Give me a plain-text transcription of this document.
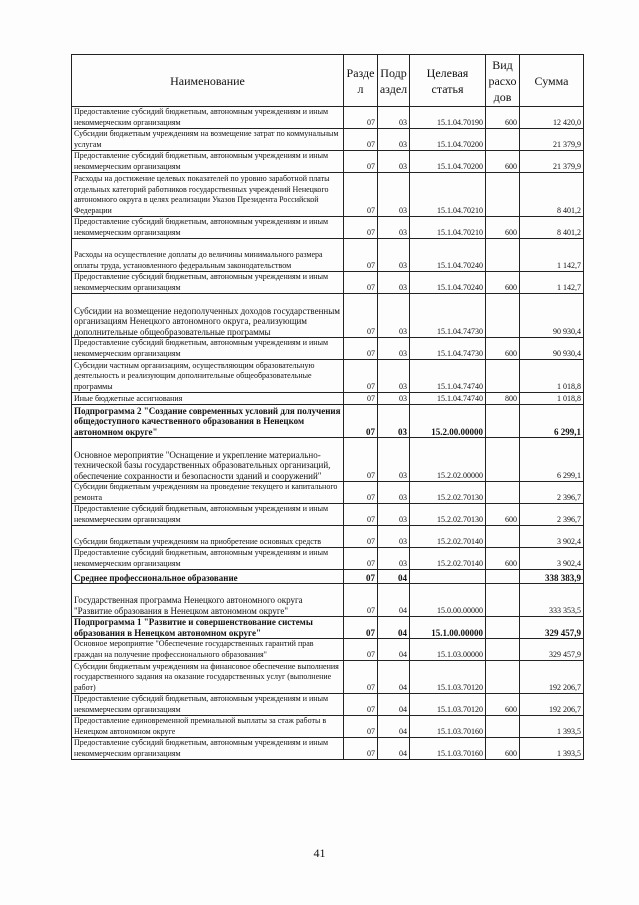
Наименование	Разде л	Подр аздел	Целевая статья	Вид расхо дов	Сумма
Предоставление субсидий бюджетным, автономным учреждениям и иным некоммерческим организациям	07	03	15.1.04.70190	600	12 420,0
Субсидии бюджетным учреждениям на возмещение затрат по коммунальным услугам	07	03	15.1.04.70200		21 379,9
Предоставление субсидий бюджетным, автономным учреждениям и иным некоммерческим организациям	07	03	15.1.04.70200	600	21 379,9
Расходы на достижение целевых показателей по уровню заработной платы отдельных категорий работников государственных учреждений Ненецкого автономного округа в целях реализации Указов Президента Российской Федерации	07	03	15.1.04.70210		8 401,2
Предоставление субсидий бюджетным, автономным учреждениям и иным некоммерческим организациям	07	03	15.1.04.70210	600	8 401,2
Расходы на осуществление доплаты до величины минимального размера оплаты труда, установленного федеральным законодательством	07	03	15.1.04.70240		1 142,7
Предоставление субсидий бюджетным, автономным учреждениям и иным некоммерческим организациям	07	03	15.1.04.70240	600	1 142,7
Субсидии на возмещение недополученных доходов государственным организациям Ненецкого автономного округа, реализующим дополнительные общеобразовательные программы	07	03	15.1.04.74730		90 930,4
Предоставление субсидий бюджетным, автономным учреждениям и иным некоммерческим организациям	07	03	15.1.04.74730	600	90 930,4
Субсидии частным организациям, осуществляющим образовательную деятельность и реализующим дополнительные общеобразовательные программы	07	03	15.1.04.74740		1 018,8
Иные бюджетные ассигнования	07	03	15.1.04.74740	800	1 018,8
Подпрограмма 2 "Создание современных условий для получения общедоступного качественного образования в Ненецком автономном округе"	07	03	15.2.00.00000		6 299,1
Основное мероприятие "Оснащение и укрепление материально-технической базы государственных образовательных организаций, обеспечение сохранности и безопасности зданий и сооружений"	07	03	15.2.02.00000		6 299,1
Субсидии бюджетным учреждениям на проведение текущего и капитального ремонта	07	03	15.2.02.70130		2 396,7
Предоставление субсидий бюджетным, автономным учреждениям и иным некоммерческим организациям	07	03	15.2.02.70130	600	2 396,7
Субсидии бюджетным учреждениям на приобретение основных средств	07	03	15.2.02.70140		3 902,4
Предоставление субсидий бюджетным, автономным учреждениям и иным некоммерческим организациям	07	03	15.2.02.70140	600	3 902,4
Среднее профессиональное образование	07	04			338 383,9
Государственная программа Ненецкого автономного округа "Развитие образования в Ненецком автономном округе"	07	04	15.0.00.00000		333 353,5
Подпрограмма 1 "Развитие и совершенствование системы образования в Ненецком автономном округе"	07	04	15.1.00.00000		329 457,9
Основное мероприятие "Обеспечение государственных гарантий прав граждан на получение профессионального образования"	07	04	15.1.03.00000		329 457,9
Субсидии бюджетным учреждениям на финансовое обеспечение выполнения государственного задания на оказание государственных услуг (выполнение работ)	07	04	15.1.03.70120		192 206,7
Предоставление субсидий бюджетным, автономным учреждениям и иным некоммерческим организациям	07	04	15.1.03.70120	600	192 206,7
Предоставление единовременной премиальной выплаты за стаж работы в Ненецком автономном округе	07	04	15.1.03.70160		1 393,5
Предоставление субсидий бюджетным, автономным учреждениям и иным некоммерческим организациям	07	04	15.1.03.70160	600	1 393,5
41
